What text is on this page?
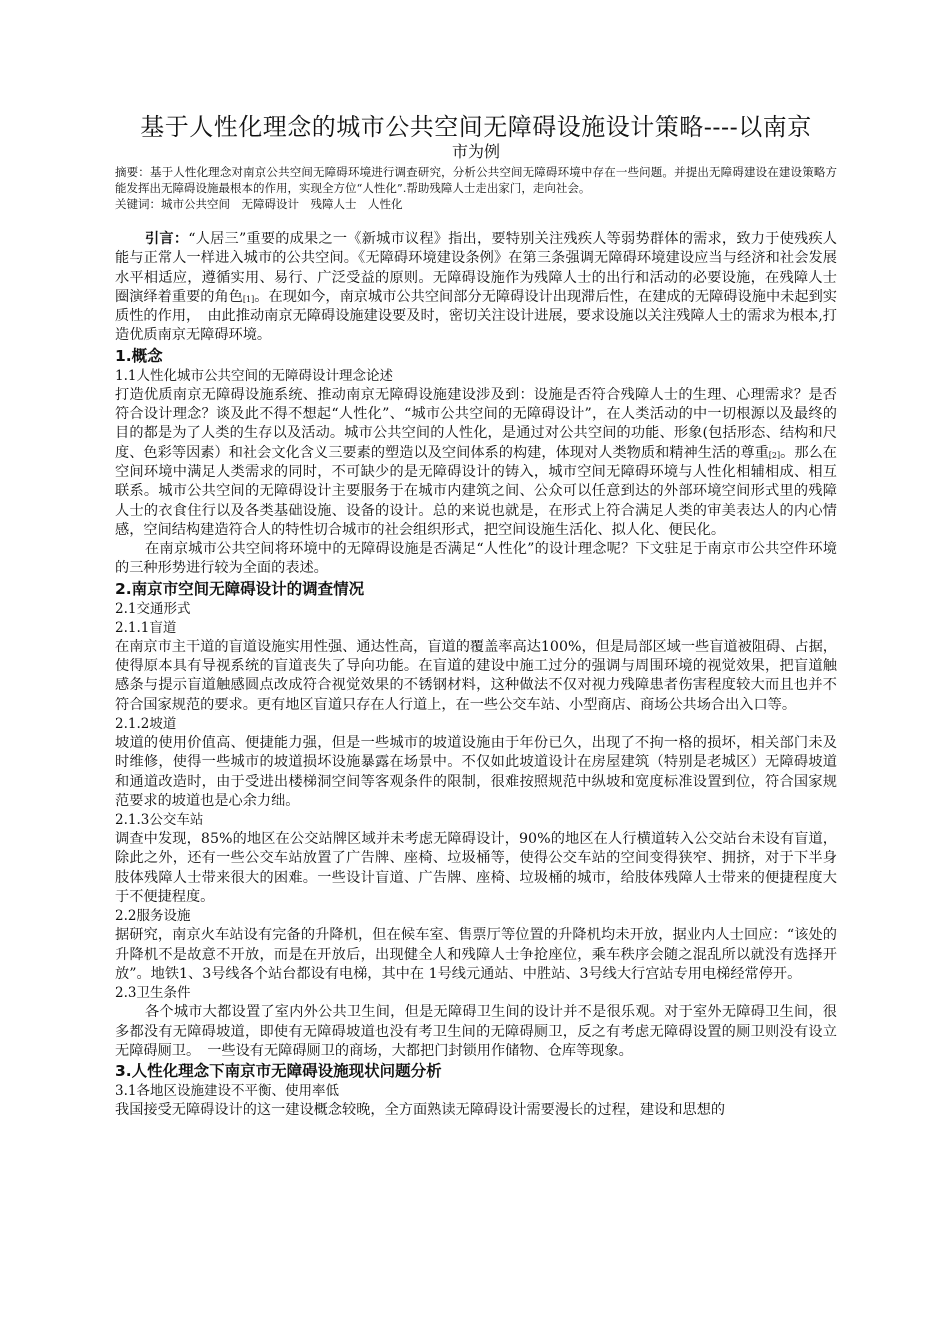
基于人性化理念的城市公共空间无障碍设施设计策略----以南京

市为例

摘要：基于人性化理念对南京公共空间无障碍环境进行调查研究，分析公共空间无障碍环境中存在一些问题。并提出无障碍建设在建设策略方能发挥出无障碍设施最根本的作用，实现全方位“人性化”.帮助残障人士走出家门，走向社会。

关键词：城市公共空间　无障碍设计　残障人士　人性化

引言：“人居三”重要的成果之一《新城市议程》指出，要特别关注残疾人等弱势群体的需求，致力于使残疾人能与正常人一样进入城市的公共空间。《无障碍环境建设条例》在第三条强调无障碍环境建设应当与经济和社会发展水平相适应，遵循实用、易行、广泛受益的原则。无障碍设施作为残障人士的出行和活动的必要设施，在残障人士圈演绎着重要的角色[1]。在现如今，南京城市公共空间部分无障碍设计出现滞后性，在建成的无障碍设施中未起到实质性的作用，　由此推动南京无障碍设施建设要及时，密切关注设计进展，要求设施以关注残障人士的需求为根本,打造优质南京无障碍环境。

1.概念

1.1人性化城市公共空间的无障碍设计理念论述

打造优质南京无障碍设施系统、推动南京无障碍设施建设涉及到：设施是否符合残障人士的生理、心理需求？是否符合设计理念？谈及此不得不想起“人性化”、“城市公共空间的无障碍设计”，在人类活动的中一切根源以及最终的目的都是为了人类的生存以及活动。城市公共空间的人性化，是通过对公共空间的功能、形象(包括形态、结构和尺度、色彩等因素）和社会文化含义三要素的塑造以及空间体系的构建，体现对人类物质和精神生活的尊重[2]。那么在空间环境中满足人类需求的同时，不可缺少的是无障碍设计的铸入，城市空间无障碍环境与人性化相辅相成、相互联系。城市公共空间的无障碍设计主要服务于在城市内建筑之间、公众可以任意到达的外部环境空间形式里的残障人士的衣食住行以及各类基础设施、设备的设计。总的来说也就是，在形式上符合满足人类的审美表达人的内心情感，空间结构建造符合人的特性切合城市的社会组织形式，把空间设施生活化、拟人化、便民化。

在南京城市公共空间将环境中的无障碍设施是否满足“人性化”的设计理念呢？下文驻足于南京市公共空件环境的三种形势进行较为全面的表述。

2.南京市空间无障碍设计的调查情况

2.1交通形式

2.1.1盲道

在南京市主干道的盲道设施实用性强、通达性高，盲道的覆盖率高达100%，但是局部区域一些盲道被阻碍、占据，使得原本具有导视系统的盲道丧失了导向功能。在盲道的建设中施工过分的强调与周围环境的视觉效果，把盲道触感条与提示盲道触感圆点改成符合视觉效果的不锈钢材料，这种做法不仅对视力残障患者伤害程度较大而且也并不符合国家规范的要求。更有地区盲道只存在人行道上，在一些公交车站、小型商店、商场公共场合出入口等。

2.1.2坡道

坡道的使用价值高、便捷能力强，但是一些城市的坡道设施由于年份已久，出现了不拘一格的损坏，相关部门未及时维修，使得一些城市的坡道损坏设施暴露在场景中。不仅如此坡道设计在房屋建筑（特别是老城区）无障碍坡道和通道改造时，由于受进出楼梯洞空间等客观条件的限制，很难按照规范中纵坡和宽度标准设置到位，符合国家规范要求的坡道也是心余力绌。

2.1.3公交车站

调查中发现，85%的地区在公交站牌区域并未考虑无障碍设计，90%的地区在人行横道转入公交站台未设有盲道，除此之外，还有一些公交车站放置了广告牌、座椅、垃圾桶等，使得公交车站的空间变得狭窄、拥挤，对于下半身肢体残障人士带来很大的困难。一些设计盲道、广告牌、座椅、垃圾桶的城市，给肢体残障人士带来的便捷程度大于不便捷程度。

2.2服务设施

据研究，南京火车站设有完备的升降机，但在候车室、售票厅等位置的升降机均未开放，据业内人士回应：“该处的升降机不是故意不开放，而是在开放后，出现健全人和残障人士争抢座位，乘车秩序会随之混乱所以就没有选择开放”。地铁1、3号线各个站台都设有电梯，其中在 1号线元通站、中胜站、3号线大行宫站专用电梯经常停开。

2.3卫生条件

各个城市大都设置了室内外公共卫生间，但是无障碍卫生间的设计并不是很乐观。对于室外无障碍卫生间，很多都没有无障碍坡道，即使有无障碍坡道也没有考卫生间的无障碍厕卫，反之有考虑无障碍设置的厕卫则没有设立无障碍厕卫。　一些设有无障碍厕卫的商场，大都把门封锁用作储物、仓库等现象。

3.人性化理念下南京市无障碍设施现状问题分析

3.1各地区设施建设不平衡、使用率低

我国接受无障碍设计的这一建设概念较晚，全方面熟读无障碍设计需要漫长的过程，建设和思想的
